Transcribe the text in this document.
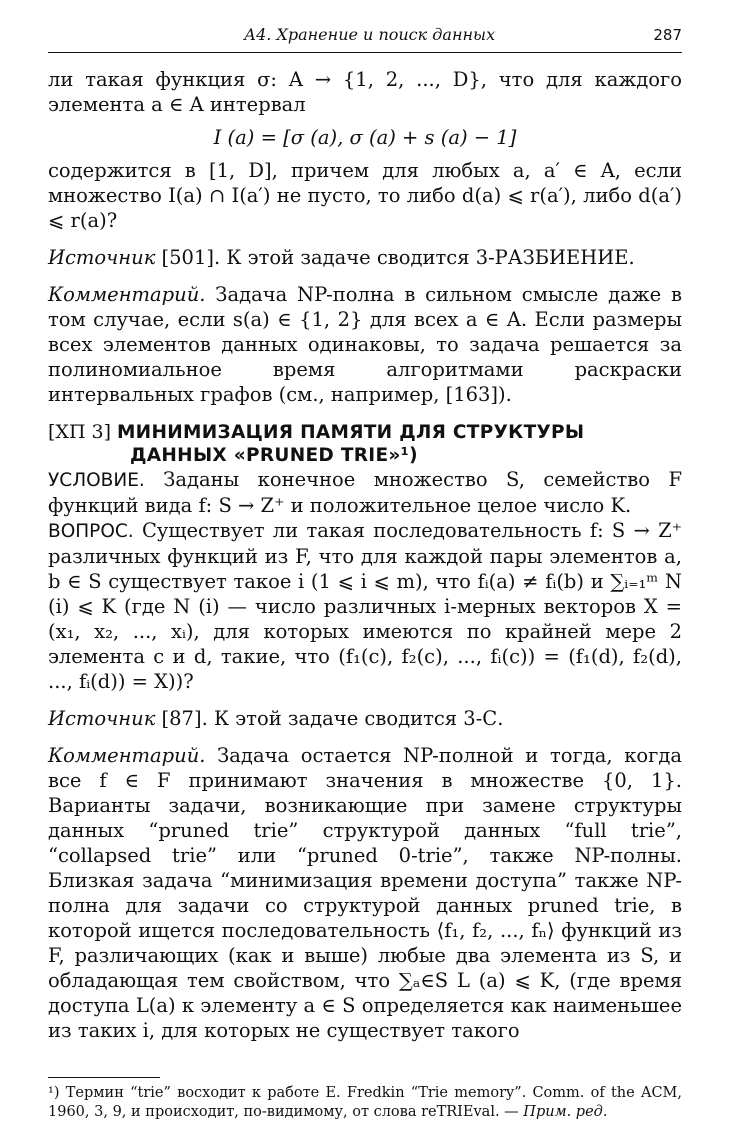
А4. Хранение и поиск данных	287

ли такая функция σ: A → {1, 2, ..., D}, что для каждого элемента a ∈ A интервал

I (a) = [σ (a), σ (a) + s (a) − 1]

содержится в [1, D], причем для любых a, a′ ∈ A, если множество I(a) ∩ I(a′) не пусто, то либо d(a) ⩽ r(a′), либо d(a′) ⩽ r(a)?

Источник [501]. К этой задаче сводится 3-РАЗБИЕНИЕ.

Комментарий. Задача NP-полна в сильном смысле даже в том случае, если s(a) ∈ {1, 2} для всех a ∈ A. Если размеры всех элементов данных одинаковы, то задача решается за полиномиальное время алгоритмами раскраски интервальных графов (см., например, [163]).

[ХП 3] МИНИМИЗАЦИЯ ПАМЯТИ ДЛЯ СТРУКТУРЫ
ДАННЫХ «PRUNED TRIE»¹)

УСЛОВИЕ. Заданы конечное множество S, семейство F функций вида f: S → Z⁺ и положительное целое число K.

ВОПРОС. Существует ли такая последовательность f: S → Z⁺ различных функций из F, что для каждой пары элементов a, b ∈ S существует такое i (1 ⩽ i ⩽ m), что fᵢ(a) ≠ fᵢ(b) и ∑ᵢ₌₁ᵐ N (i) ⩽ K (где N (i) — число различных i-мерных векторов X = (x₁, x₂, ..., xᵢ), для которых имеются по крайней мере 2 элемента c и d, такие, что (f₁(c), f₂(c), ..., fᵢ(c)) = (f₁(d), f₂(d), ..., fᵢ(d)) = X))?

Источник [87]. К этой задаче сводится 3-С.

Комментарий. Задача остается NP-полной и тогда, когда все f ∈ F принимают значения в множестве {0, 1}. Варианты задачи, возникающие при замене структуры данных “pruned trie” структурой данных “full trie”, “collapsed trie” или “pruned 0-trie”, также NP-полны. Близкая задача “минимизация времени доступа” также NP-полна для задачи со структурой данных pruned trie, в которой ищется последовательность ⟨f₁, f₂, ..., fₙ⟩ функций из F, различающих (как и выше) любые два элемента из S, и обладающая тем свойством, что ∑ₐ∈S L (a) ⩽ K, (где время доступа L(a) к элементу a ∈ S определяется как наименьшее из таких i, для которых не существует такого

¹) Термин “trie” восходит к работе E. Fredkin “Trie memory”. Comm. of the ACM, 1960, 3, 9, и происходит, по-видимому, от слова reTRIEval. — Прим. ред.
